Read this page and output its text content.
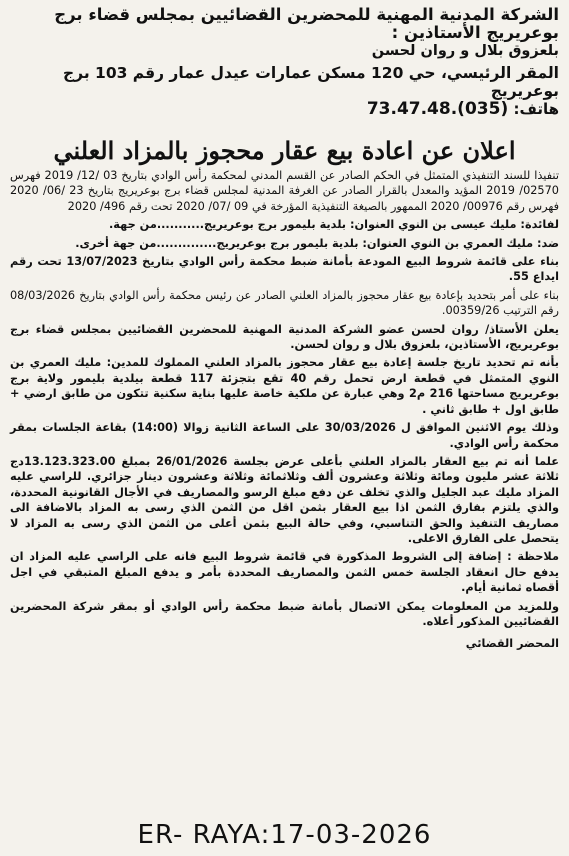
الشركة المدنية المهنية للمحضرين القضائيين بمجلس قضاء برج بوعريريج الأستاذين :
بلعزوق بلال و روان لحسن
المقر الرئيسي، حي 120 مسكن عمارات عيدل عمار رقم 103 برج بوعريريج
هاتف: (035).73.47.48
اعلان عن اعادة بيع عقار محجوز بالمزاد العلني
تنفيذا للسند التنفيذي المتمثل في الحكم الصادر عن القسم المدني لمحكمة رأس الوادي بتاريخ 03 /12/ 2019 فهرس 02570/ 2019 المؤيد والمعدل بالقرار الصادر عن الغرفة المدنية لمجلس قضاء برج بوعريريج بتاريخ 23 /06/ 2020 فهرس رقم 00976/ 2020 الممهور بالصيغة التنفيذية المؤرخة في 09 /07/ 2020 تحت رقم 496/ 2020
لفائدة: مليك عيسى بن النوي العنوان: بلدية بليمور برج بوعريريج...........من جهة.
ضد: مليك العمري بن النوي العنوان: بلدية بليمور برج بوعريريج..............من جهة أخرى.
بناء على قائمة شروط البيع المودعة بأمانة ضبط محكمة رأس الوادي بتاريخ 13/07/2023 تحت رقم ايداع 55.
بناء على أمر بتحديد بإعادة بيع عقار محجوز بالمزاد العلني الصادر عن رئيس محكمة رأس الوادي بتاريخ 08/03/2026 رقم الترتيب 00359/26.
يعلن الأستاذ/ روان لحسن عضو الشركة المدنية المهنية للمحضرين القضائيين بمجلس قضاء برج بوعريريج، الأستاذين، بلعزوق بلال و روان لحسن.
بأنه تم تحديد تاريخ جلسة إعادة بيع عقار محجوز بالمزاد العلني المملوك للمدين: مليك العمري بن النوي المتمثل في قطعة ارض تحمل رقم 40 تقع بتجزئة 117 قطعة بيلدية بليمور ولاية برج بوعريريج مساحتها 216 م2 وهي عبارة عن ملكية خاصة عليها بناية سكنية تتكون من طابق ارضي + طابق اول + طابق ثاني .
وذلك يوم الاثنين الموافق ل 30/03/2026 على الساعة الثانية زوالا (14:00) بقاعة الجلسات بمقر محكمة رأس الوادي.
علما أنه تم بيع العقار بالمزاد العلني بأعلى عرض بجلسة 26/01/2026 بمبلغ 13.123.323.00دج ثلاثة عشر مليون ومائة وثلاثة وعشرون ألف وثلاثمائة وثلاثة وعشرون دينار جزائري. للراسي عليه المزاد مليك عبد الجليل والذي تخلف عن دفع مبلغ الرسو والمصاريف في الأجال القانونية المحددة، والذي يلتزم بفارق الثمن اذا بيع العقار بثمن اقل من الثمن الذي رسى به المزاد بالاضافة الى مصاريف التنفيذ والحق التناسبي، وفي حالة البيع بثمن أعلى من الثمن الذي رسى به المزاد لا يتحصل على الفارق الاعلى.
ملاحظة : إضافة إلى الشروط المذكورة في قائمة شروط البيع فانه على الراسي عليه المزاد ان يدفع حال انعقاد الجلسة خمس الثمن والمصاريف المحددة بأمر و يدفع المبلغ المتبقي في اجل أقصاه ثمانية أيام.
وللمزيد من المعلومات يمكن الاتصال بأمانة ضبط محكمة رأس الوادي أو بمقر شركة المحضرين القضائيين المذكور أعلاه.
المحضر القضائي
ER- RAYA:17-03-2026
